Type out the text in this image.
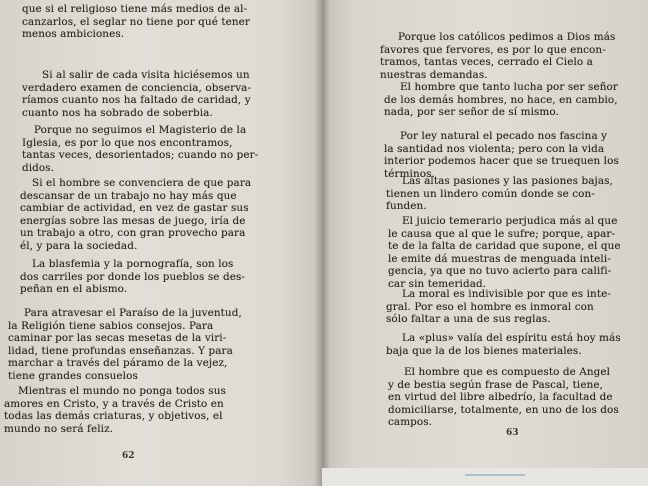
que si el religioso tiene más medios de al-
canzarlos, el seglar no tiene por qué tener
menos ambiciones.

Si al salir de cada visita hiciésemos un
verdadero examen de conciencia, observa-
ríamos cuanto nos ha faltado de caridad, y
cuanto nos ha sobrado de soberbia.

Porque no seguimos el Magisterio de la
Iglesia, es por lo que nos encontramos,
tantas veces, desorientados; cuando no per-
didos.

Si el hombre se convenciera de que para
descansar de un trabajo no hay más que
cambiar de actividad, en vez de gastar sus
energías sobre las mesas de juego, iría de
un trabajo a otro, con gran provecho para
él, y para la sociedad.

La blasfemia y la pornografía, son los
dos carriles por donde los pueblos se des-
peñan en el abismo.

Para atravesar el Paraíso de la juventud,
la Religión tiene sabios consejos. Para
caminar por las secas mesetas de la viri-
lidad, tiene profundas enseñanzas. Y para
marchar a través del páramo de la vejez,
tiene grandes consuelos

Mientras el mundo no ponga todos sus
amores en Cristo, y a través de Cristo en
todas las demás criaturas, y objetivos, el
mundo no será feliz.

62

Porque los católicos pedimos a Dios más
favores que fervores, es por lo que encon-
tramos, tantas veces, cerrado el Cielo a
nuestras demandas.

El hombre que tanto lucha por ser señor
de los demás hombres, no hace, en cambio,
nada, por ser señor de sí mismo.

Por ley natural el pecado nos fascina y
la santidad nos violenta; pero con la vida
interior podemos hacer que se truequen los
términos.

Las altas pasiones y las pasiones bajas,
tienen un lindero común donde se con-
funden.

El juicio temerario perjudica más al que
le causa que al que le sufre; porque, apar-
te de la falta de caridad que supone, el que
le emite dá muestras de menguada inteli-
gencia, ya que no tuvo acierto para califi-
car sin temeridad.

La moral es indivisible por que es inte-
gral. Por eso el hombre es inmoral con
sólo faltar a una de sus reglas.

La «plus» valía del espíritu está hoy más
baja que la de los bienes materiales.

El hombre que es compuesto de Angel
y de bestia según frase de Pascal, tiene,
en virtud del libre albedrío, la facultad de
domiciliarse, totalmente, en uno de los dos
campos.

63
